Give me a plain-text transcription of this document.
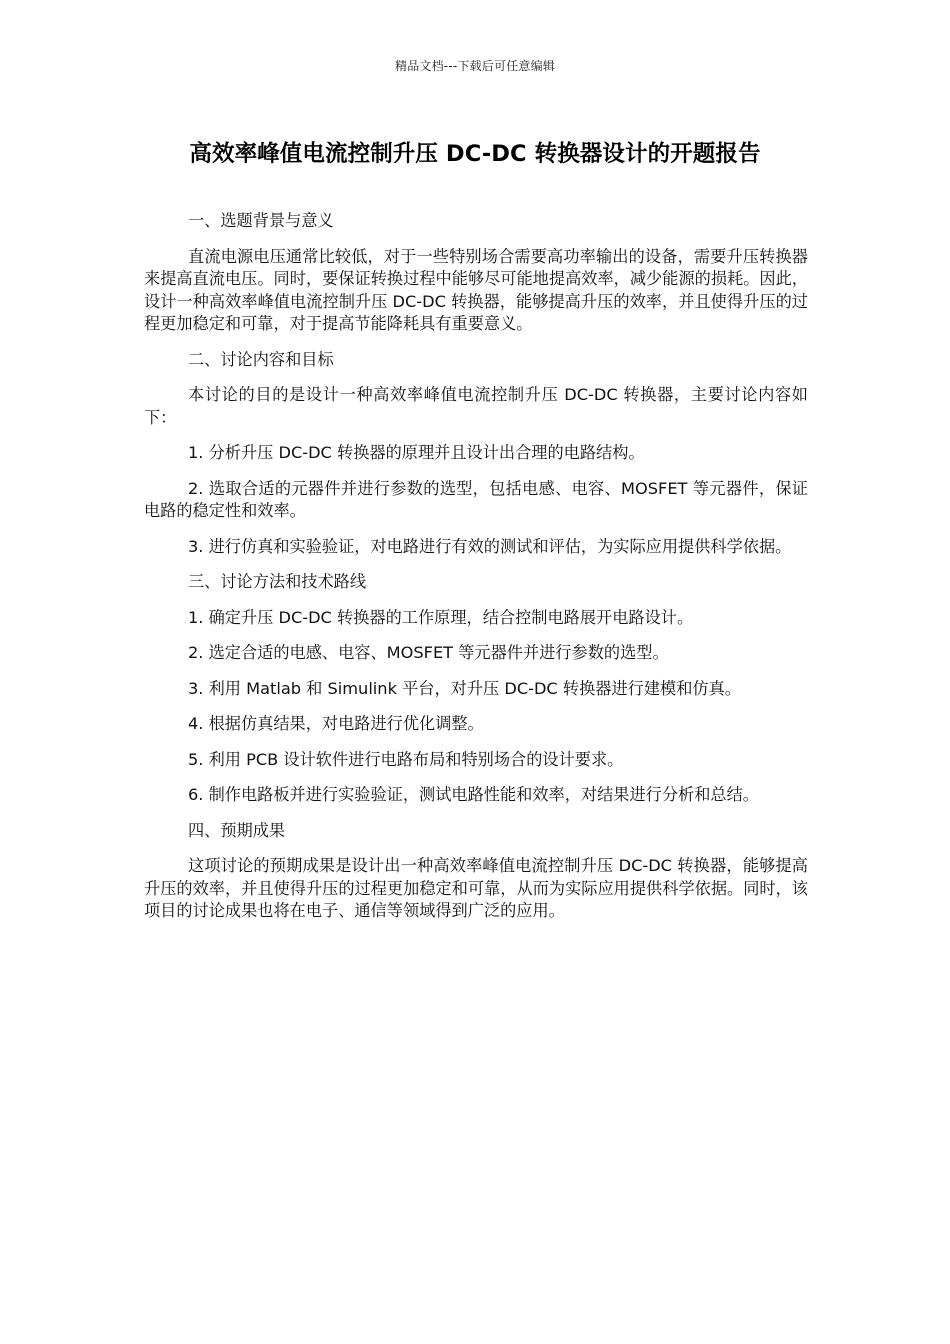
精品文档---下载后可任意编辑
高效率峰值电流控制升压 DC-DC 转换器设计的开题报告

一、选题背景与意义

直流电源电压通常比较低，对于一些特别场合需要高功率输出的设备，需要升压转换器来提高直流电压。同时，要保证转换过程中能够尽可能地提高效率，减少能源的损耗。因此，设计一种高效率峰值电流控制升压 DC-DC 转换器，能够提高升压的效率，并且使得升压的过程更加稳定和可靠，对于提高节能降耗具有重要意义。

二、讨论内容和目标

本讨论的目的是设计一种高效率峰值电流控制升压 DC-DC 转换器，主要讨论内容如下：

1. 分析升压 DC-DC 转换器的原理并且设计出合理的电路结构。

2. 选取合适的元器件并进行参数的选型，包括电感、电容、MOSFET 等元器件，保证电路的稳定性和效率。

3. 进行仿真和实验验证，对电路进行有效的测试和评估，为实际应用提供科学依据。

三、讨论方法和技术路线

1. 确定升压 DC-DC 转换器的工作原理，结合控制电路展开电路设计。

2. 选定合适的电感、电容、MOSFET 等元器件并进行参数的选型。

3. 利用 Matlab 和 Simulink 平台，对升压 DC-DC 转换器进行建模和仿真。

4. 根据仿真结果，对电路进行优化调整。

5. 利用 PCB 设计软件进行电路布局和特别场合的设计要求。

6. 制作电路板并进行实验验证，测试电路性能和效率，对结果进行分析和总结。

四、预期成果

这项讨论的预期成果是设计出一种高效率峰值电流控制升压 DC-DC 转换器，能够提高升压的效率，并且使得升压的过程更加稳定和可靠，从而为实际应用提供科学依据。同时，该项目的讨论成果也将在电子、通信等领域得到广泛的应用。
